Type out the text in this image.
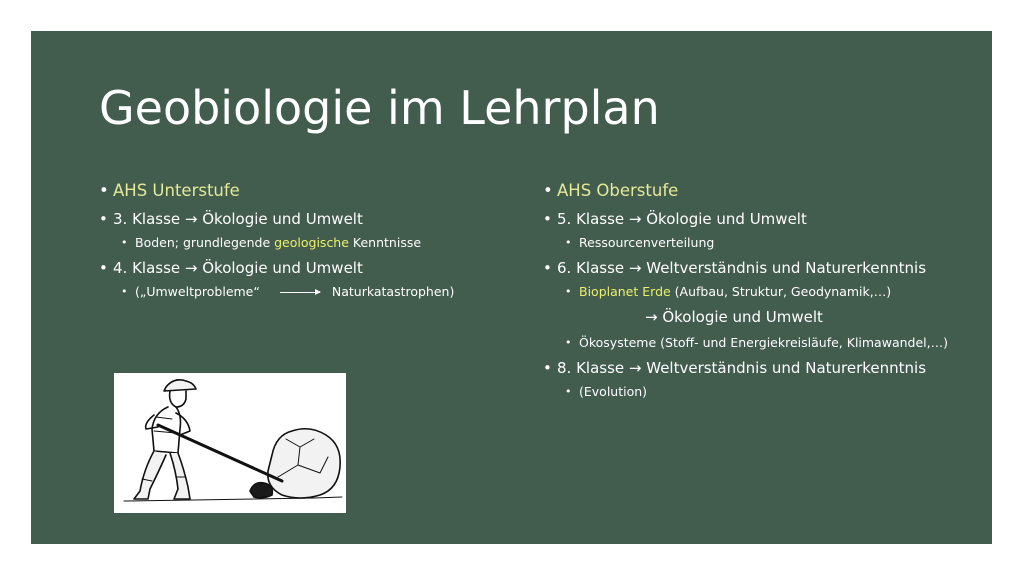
Geobiologie im Lehrplan
• AHS Unterstufe
• 3. Klasse → Ökologie und Umwelt
• Boden; grundlegende geologische Kenntnisse
• 4. Klasse → Ökologie und Umwelt
• („Umweltprobleme“	Naturkatastrophen)
• AHS Oberstufe
• 5. Klasse → Ökologie und Umwelt
• Ressourcenverteilung
• 6. Klasse → Weltverständnis und Naturerkenntnis
• Bioplanet Erde (Aufbau, Struktur, Geodynamik,…)
→ Ökologie und Umwelt
• Ökosysteme (Stoff- und Energiekreisläufe, Klimawandel,…)
• 8. Klasse → Weltverständnis und Naturerkenntnis
• (Evolution)
